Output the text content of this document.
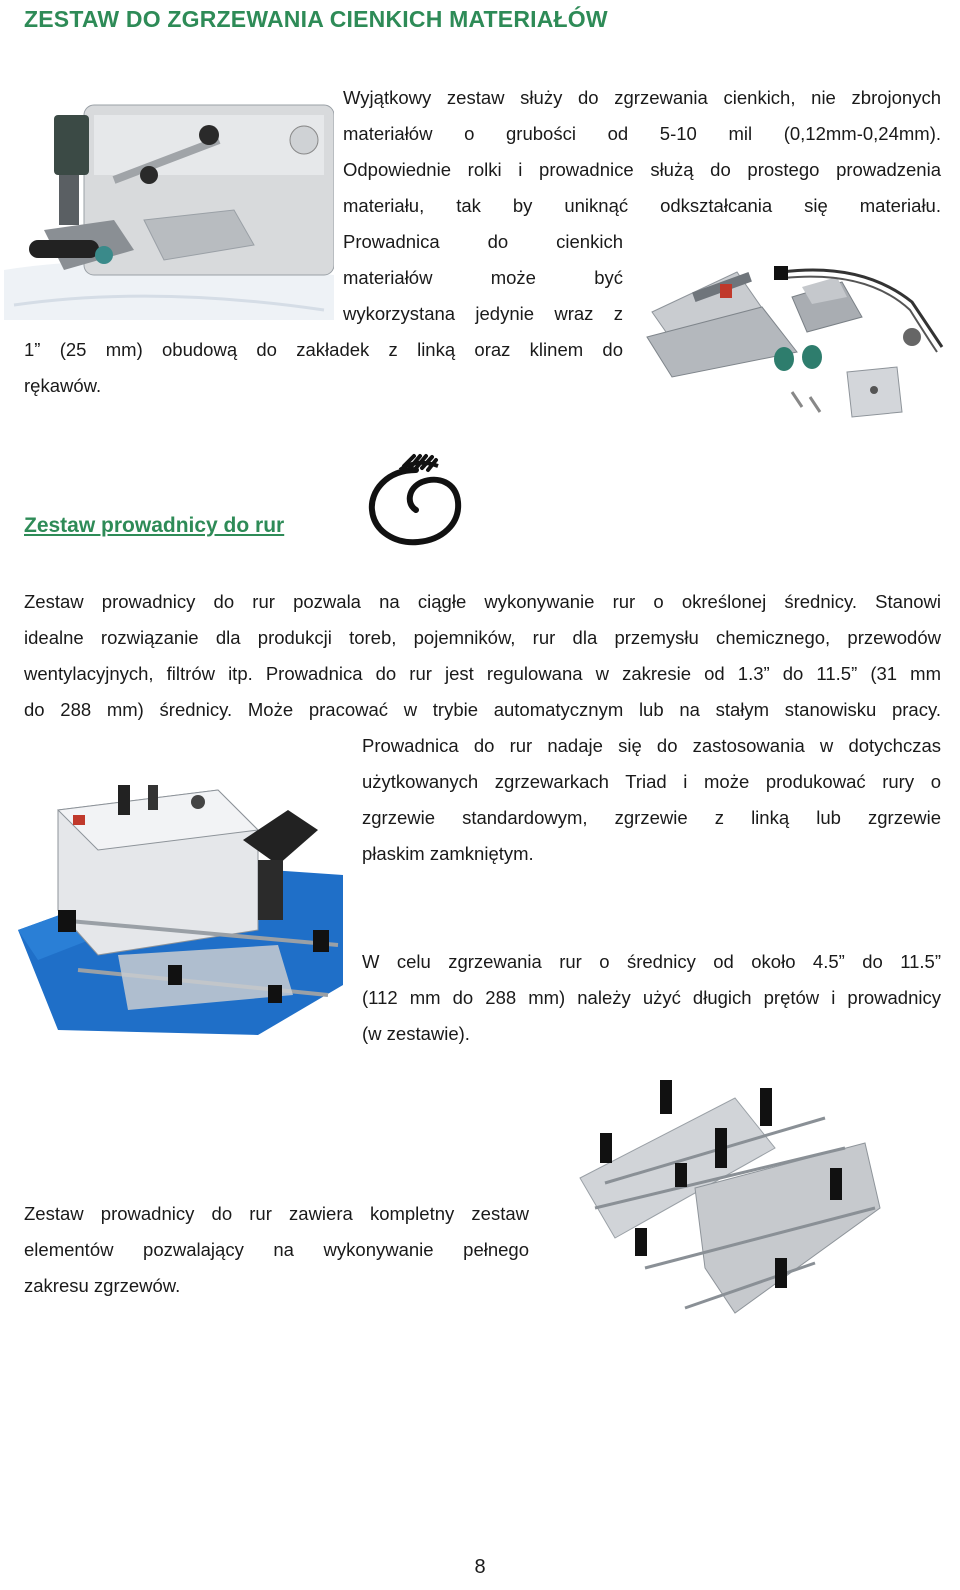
ZESTAW DO ZGRZEWANIA CIENKICH MATERIAŁÓW
Wyjątkowy zestaw służy do zgrzewania cienkich, nie zbrojonych
materiałów o grubości od 5-10 mil (0,12mm-0,24mm).
Odpowiednie rolki i prowadnice służą do prostego prowadzenia
materiału, tak by uniknąć odkształcania się materiału.
Prowadnica do cienkich
materiałów może być
wykorzystana jedynie wraz z
1” (25 mm) obudową do zakładek z linką oraz klinem do
rękawów.
Zestaw prowadnicy do rur
Zestaw prowadnicy do rur pozwala na ciągłe wykonywanie rur o określonej średnicy. Stanowi
idealne rozwiązanie dla produkcji toreb, pojemników, rur dla przemysłu chemicznego, przewodów
wentylacyjnych, filtrów itp. Prowadnica do rur jest regulowana w zakresie od 1.3” do 11.5” (31 mm
do 288 mm) średnicy. Może pracować w trybie automatycznym lub na stałym stanowisku pracy.
Prowadnica do rur nadaje się do zastosowania w dotychczas
użytkowanych zgrzewarkach Triad i może produkować rury o
zgrzewie standardowym, zgrzewie z linką lub zgrzewie
płaskim zamkniętym.
W celu zgrzewania rur o średnicy od około 4.5” do 11.5”
(112 mm do 288 mm) należy użyć długich prętów i prowadnicy
(w zestawie).
Zestaw prowadnicy do rur zawiera kompletny zestaw
elementów pozwalający na wykonywanie pełnego
zakresu zgrzewów.
8
